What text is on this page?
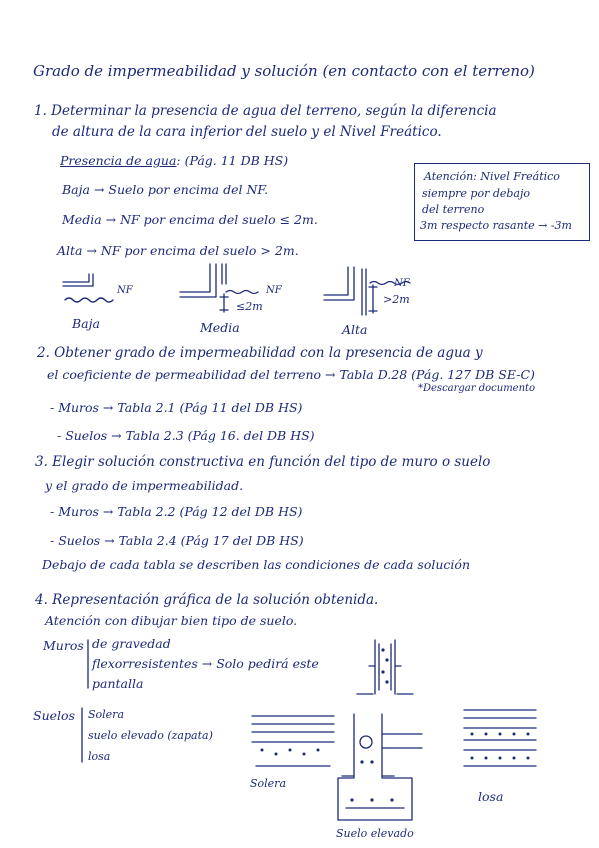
Grado de impermeabilidad y solución (en contacto con el terreno)
1. Determinar la presencia de agua del terreno, según la diferencia
de altura de la cara inferior del suelo y el Nivel Freático.
Presencia de agua: (Pág. 11 DB HS)
Baja → Suelo por encima del NF.
Media → NF por encima del suelo ≤ 2m.
Alta → NF por encima del suelo > 2m.
Atención: Nivel Freático
siempre por debajo
del terreno
3m respecto rasante → -3m
NF
Baja
NF
≤2m
Media
NF
>2m
Alta
2. Obtener grado de impermeabilidad con la presencia de agua y
el coeficiente de permeabilidad del terreno → Tabla D.28 (Pág. 127 DB SE-C)
*Descargar documento
- Muros → Tabla 2.1 (Pág 11 del DB HS)
- Suelos → Tabla 2.3 (Pág 16. del DB HS)
3. Elegir solución constructiva en función del tipo de muro o suelo
y el grado de impermeabilidad.
- Muros → Tabla 2.2 (Pág 12 del DB HS)
- Suelos → Tabla 2.4 (Pág 17 del DB HS)
Debajo de cada tabla se describen las condiciones de cada solución
4. Representación gráfica de la solución obtenida.
Atención con dibujar bien tipo de suelo.
Muros de gravedad
flexorresistentes → Solo pedirá este
pantalla
Suelos Solera
suelo elevado (zapata)
losa
Solera
Suelo elevado
losa
